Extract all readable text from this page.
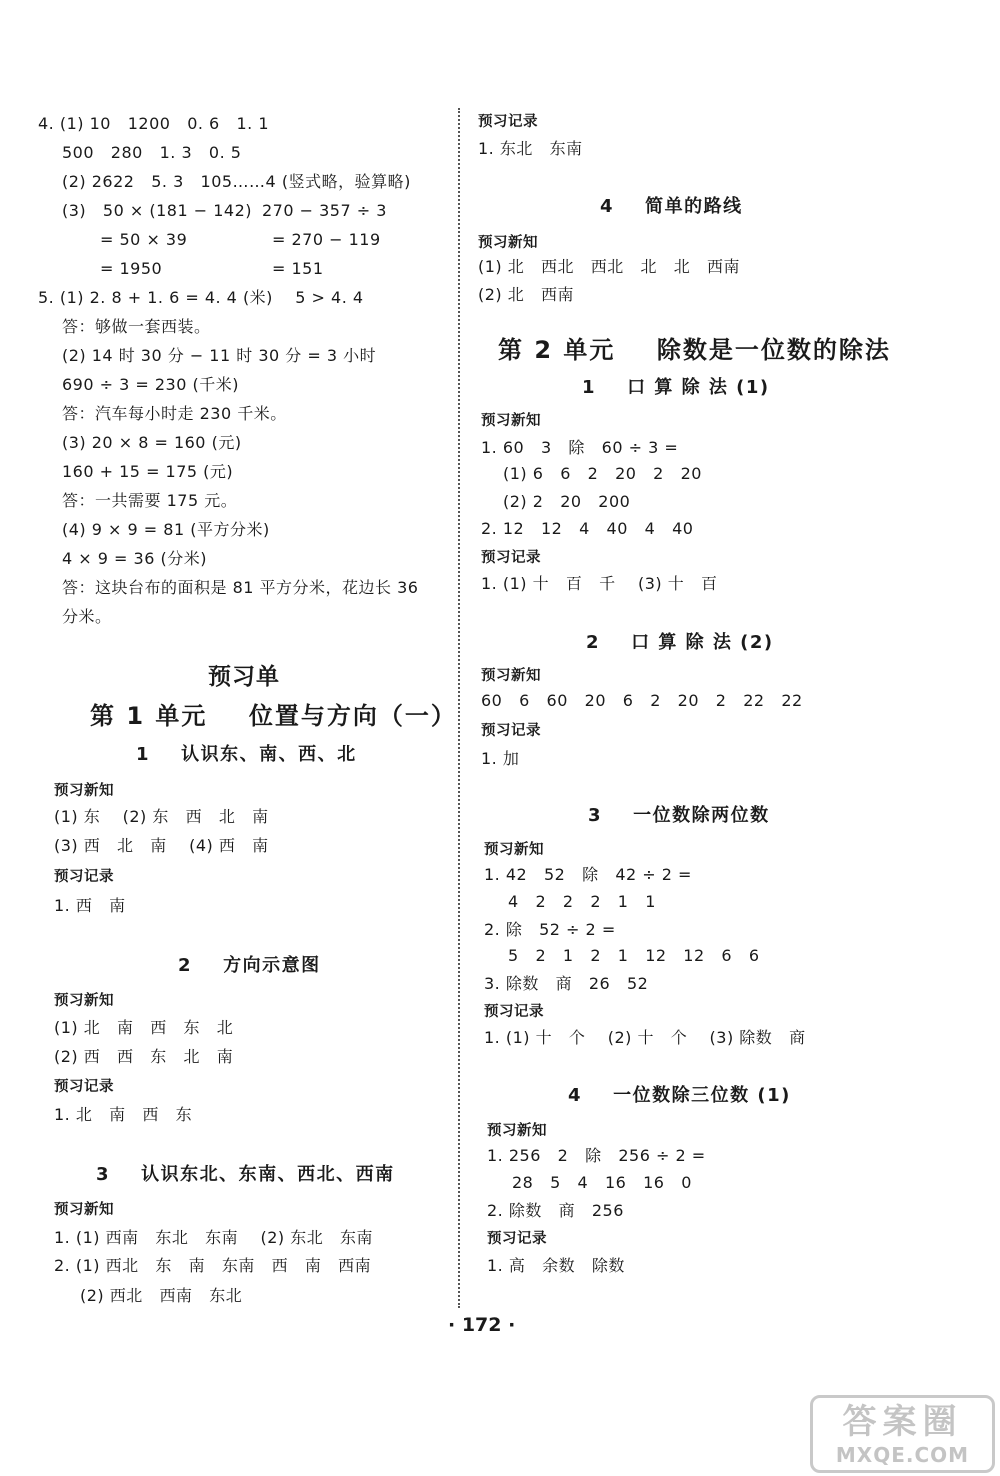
4. (1) 10   1200   0. 6   1. 1
500   280   1. 3   0. 5
(2) 2622   5. 3   105……4 (竖式略，验算略)
(3)   50 × (181 − 142) 270 − 357 ÷ 3
= 50 × 39	= 270 − 119
= 1950	= 151
5. (1) 2. 8 + 1. 6 = 4. 4 (米)    5 > 4. 4
答：够做一套西装。
(2) 14 时 30 分 − 11 时 30 分 = 3 小时
690 ÷ 3 = 230 (千米)
答：汽车每小时走 230 千米。
(3) 20 × 8 = 160 (元)
160 + 15 = 175 (元)
答：一共需要 175 元。
(4) 9 × 9 = 81 (平方分米)
4 × 9 = 36 (分米)
答：这块台布的面积是 81 平方分米，花边长 36
分米。
预习单
第 1 单元    位置与方向（一）
1    认识东、南、西、北
预习新知
(1) 东    (2) 东   西   北   南
(3) 西   北   南    (4) 西   南
预习记录
1. 西   南
2    方向示意图
预习新知
(1) 北   南   西   东   北
(2) 西   西   东   北   南
预习记录
1. 北   南   西   东
3    认识东北、东南、西北、西南
预习新知
1. (1) 西南   东北   东南    (2) 东北   东南
2. (1) 西北   东   南   东南   西   南   西南
(2) 西北   西南   东北
预习记录
1. 东北   东南
4    简单的路线
预习新知
(1) 北   西北   西北   北   北   西南
(2) 北   西南
第 2 单元    除数是一位数的除法
1    口 算 除 法 (1)
预习新知
1. 60   3   除   60 ÷ 3 =
(1) 6   6   2   20   2   20
(2) 2   20   200
2. 12   12   4   40   4   40
预习记录
1. (1) 十   百   千    (3) 十   百
2    口 算 除 法 (2)
预习新知
60   6   60   20   6   2   20   2   22   22
预习记录
1. 加
3    一位数除两位数
预习新知
1. 42   52   除   42 ÷ 2 =
4   2   2   2   1   1
2. 除   52 ÷ 2 =
5   2   1   2   1   12   12   6   6
3. 除数   商   26   52
预习记录
1. (1) 十   个    (2) 十   个    (3) 除数   商
4    一位数除三位数 (1)
预习新知
1. 256   2   除   256 ÷ 2 =
28   5   4   16   16   0
2. 除数   商   256
预习记录
1. 高   余数   除数
· 172 ·
答案圈
MXQE.COM
